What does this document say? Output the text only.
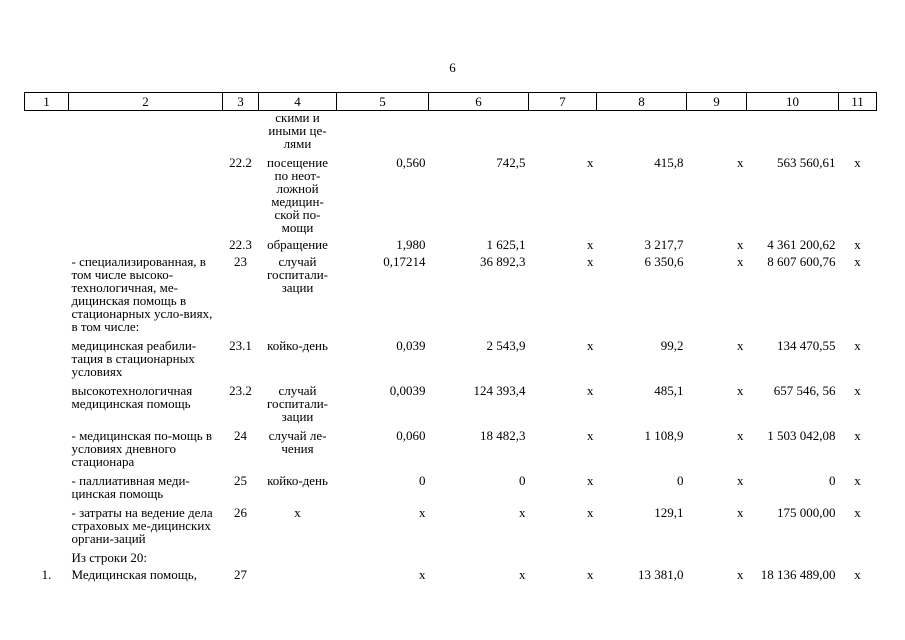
6
1	2	3	4	5	6	7	8	9	10	11
			скими и иными це-лями							
		22.2	посещение по неот-ложной медицин-ской по-мощи	0,560	742,5	х	415,8	х	563 560,61	х
		22.3	обращение	1,980	1 625,1	х	3 217,7	х	4 361 200,62	х
	- специализированная, в том числе высоко-технологичная, ме-дицинская помощь в стационарных усло-виях, в том числе:	23	случай госпитали-зации	0,17214	36 892,3	х	6 350,6	х	8 607 600,76	х
	медицинская реабили-тация в стационарных условиях	23.1	койко-день	0,039	2 543,9	х	99,2	х	134 470,55	х
	высокотехнологичная медицинская помощь	23.2	случай госпитали-зации	0,0039	124 393,4	х	485,1	х	657 546, 56	х
	- медицинская по-мощь в условиях дневного стационара	24	случай ле-чения	0,060	18 482,3	х	1 108,9	х	1 503 042,08	х
	- паллиативная меди-цинская помощь	25	койко-день	0	0	х	0	х	0	х
	- затраты на ведение дела страховых ме-дицинских органи-заций	26	х	х	х	х	129,1	х	175 000,00	х
	Из строки 20:									
1.	Медицинская помощь,	27		х	х	х	13 381,0	х	18 136 489,00	х
